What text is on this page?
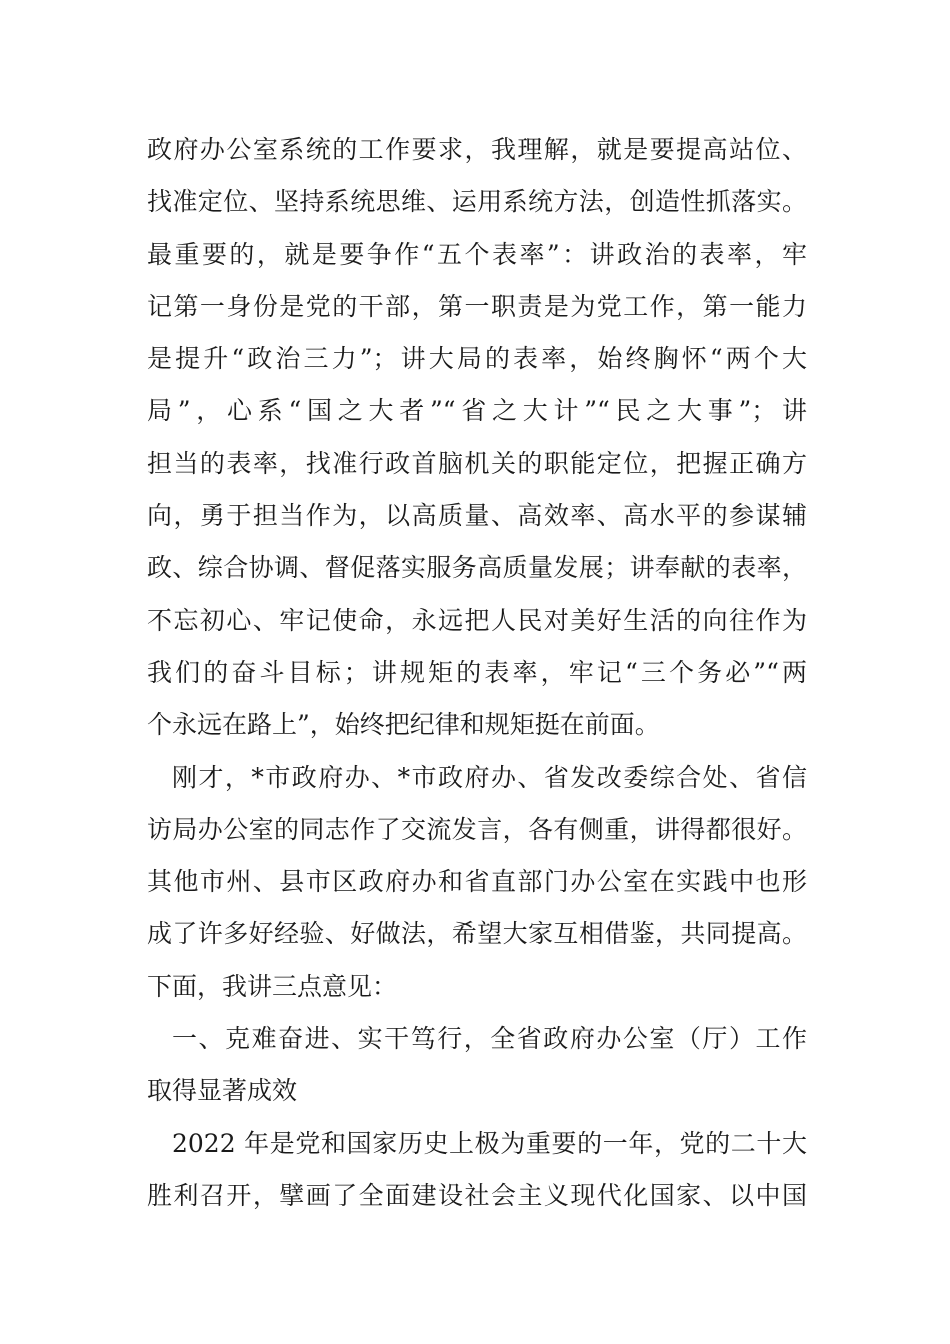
政府办公室系统的工作要求，我理解，就是要提高站位、
找准定位、坚持系统思维、运用系统方法，创造性抓落实。
最重要的，就是要争作“五个表率”：讲政治的表率，牢
记第一身份是党的干部，第一职责是为党工作，第一能力
是提升“政治三力”；讲大局的表率，始终胸怀“两个大
局”，心系“国之大者”“省之大计”“民之大事”；讲
担当的表率，找准行政首脑机关的职能定位，把握正确方
向，勇于担当作为，以高质量、高效率、高水平的参谋辅
政、综合协调、督促落实服务高质量发展；讲奉献的表率，
不忘初心、牢记使命，永远把人民对美好生活的向往作为
我们的奋斗目标；讲规矩的表率，牢记“三个务必”“两
个永远在路上”，始终把纪律和规矩挺在前面。
刚才，*市政府办、*市政府办、省发改委综合处、省信
访局办公室的同志作了交流发言，各有侧重，讲得都很好。
其他市州、县市区政府办和省直部门办公室在实践中也形
成了许多好经验、好做法，希望大家互相借鉴，共同提高。
下面，我讲三点意见：
一、克难奋进、实干笃行，全省政府办公室（厅）工作
取得显著成效
2022 年是党和国家历史上极为重要的一年，党的二十大
胜利召开，擘画了全面建设社会主义现代化国家、以中国
